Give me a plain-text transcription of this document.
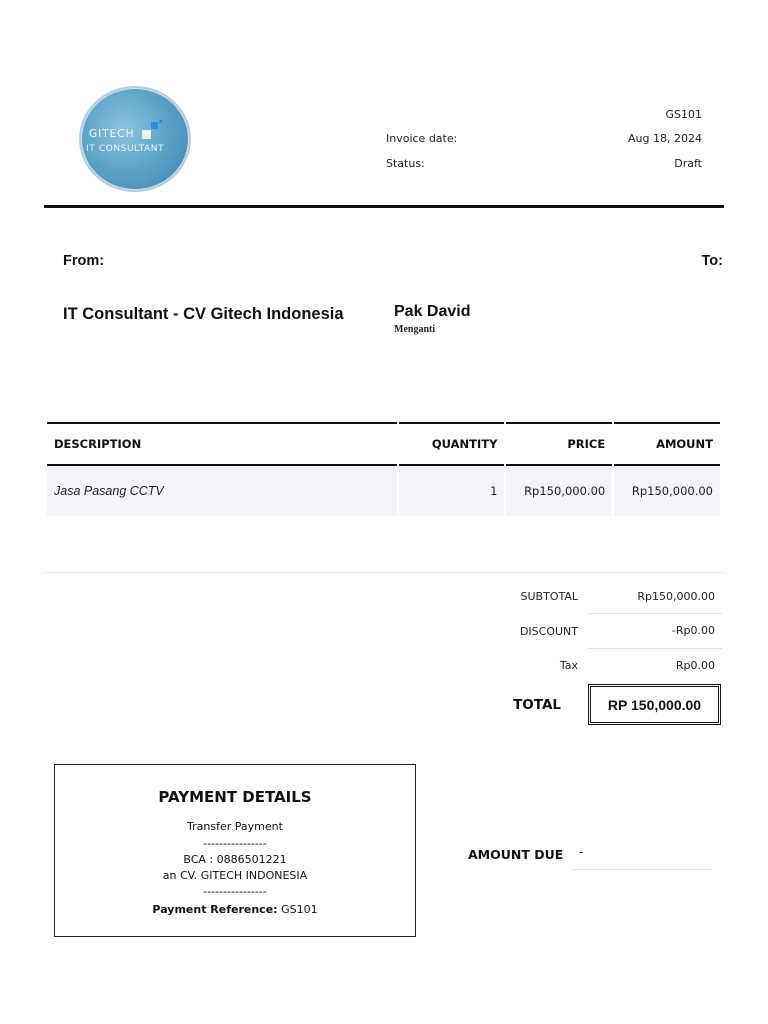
GITECH
IT CONSULTANT
GS101
Invoice date:	Aug 18, 2024
Status:	Draft
From:	To:
IT Consultant - CV Gitech Indonesia	Pak David
Menganti
DESCRIPTION	QUANTITY	PRICE	AMOUNT
Jasa Pasang CCTV	1	Rp150,000.00	Rp150,000.00
SUBTOTAL	Rp150,000.00
DISCOUNT	-Rp0.00
Tax	Rp0.00
TOTAL	RP 150,000.00
PAYMENT DETAILS
Transfer Payment
----------------
BCA : 0886501221
an CV. GITECH INDONESIA
----------------
Payment Reference: GS101
AMOUNT DUE -
